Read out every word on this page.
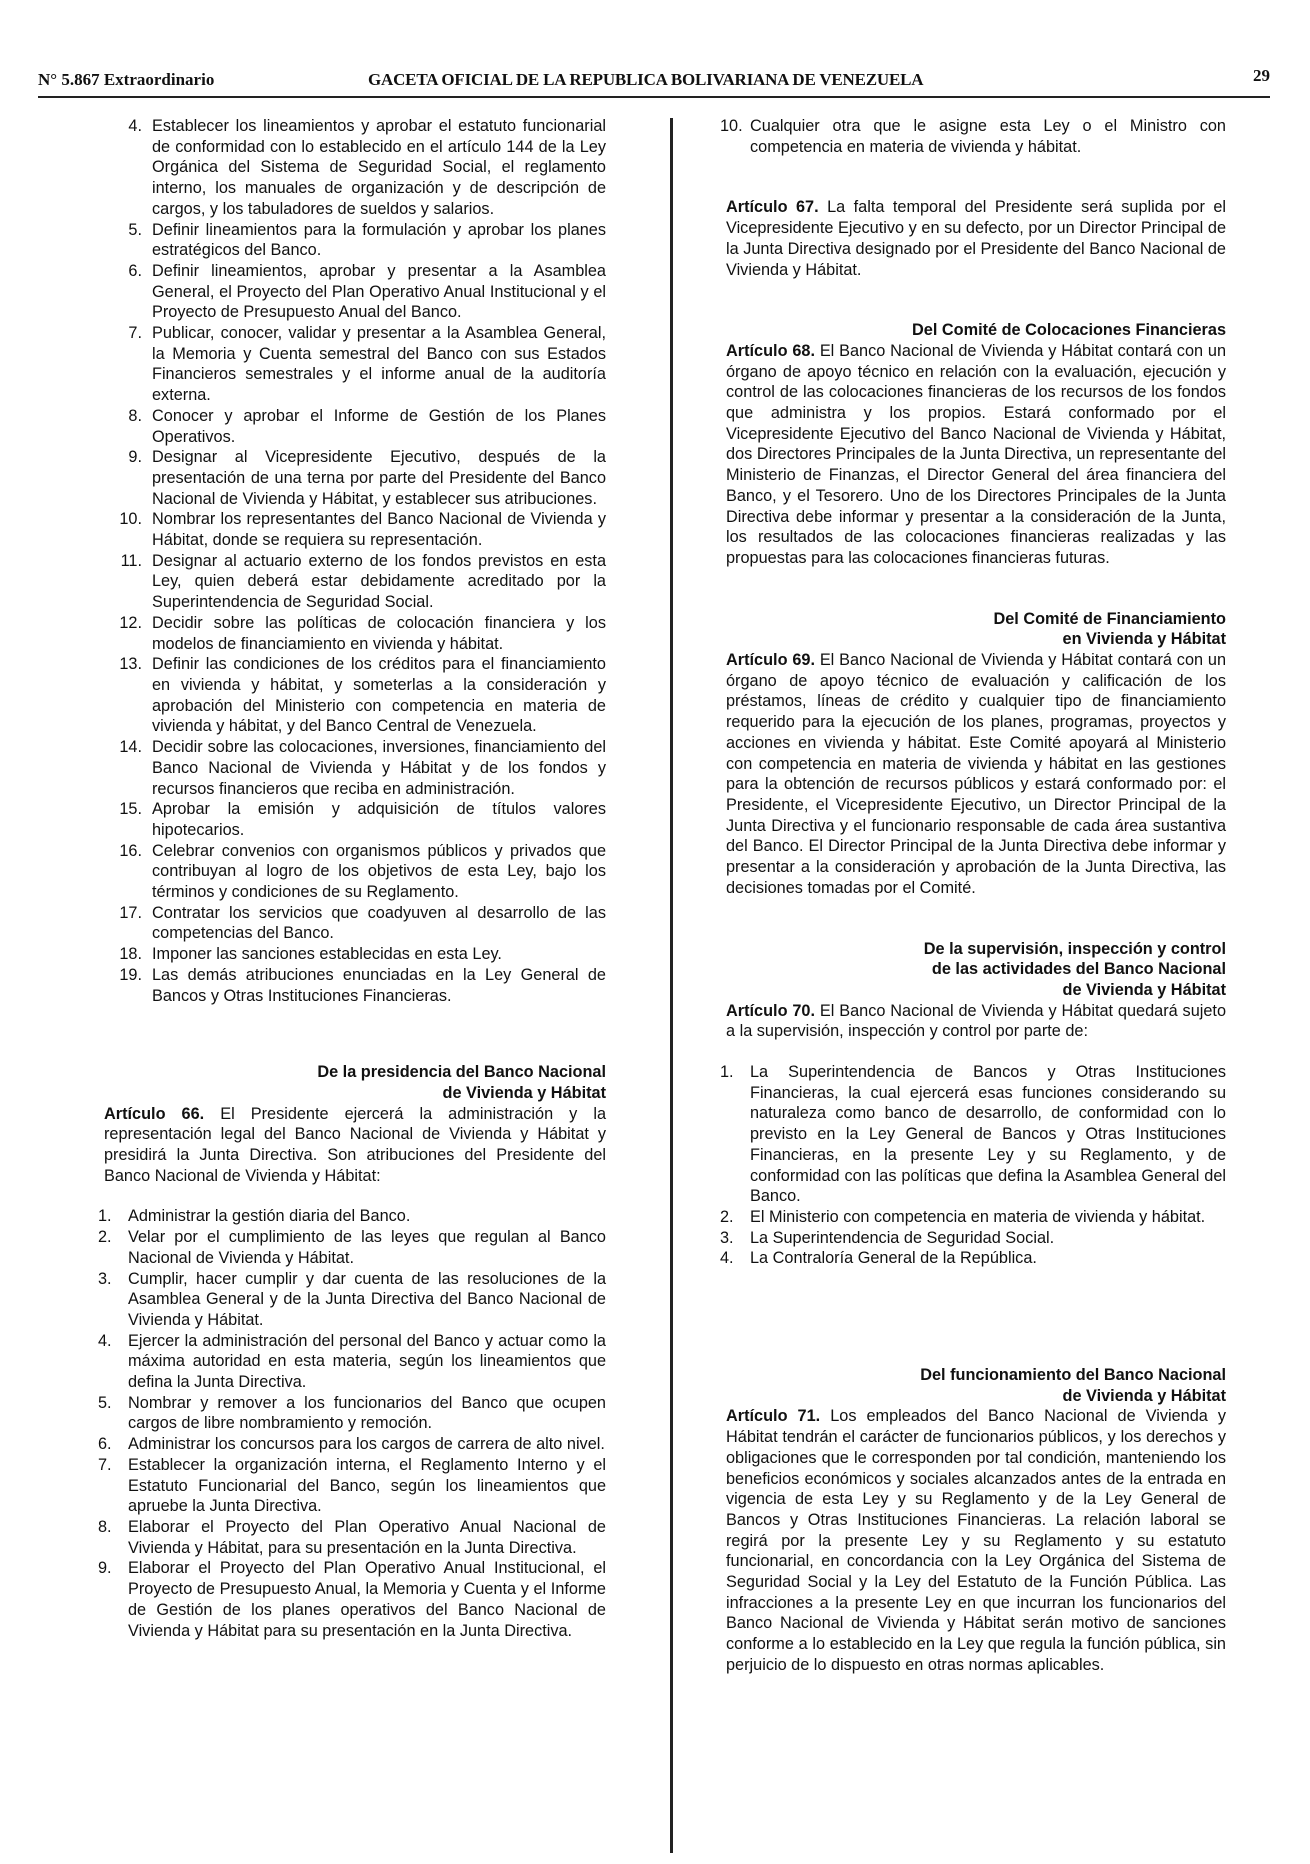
N° 5.867 Extraordinario	GACETA OFICIAL DE LA REPUBLICA BOLIVARIANA DE VENEZUELA	29
4. Establecer los lineamientos y aprobar el estatuto funcionarial de conformidad con lo establecido en el artículo 144 de la Ley Orgánica del Sistema de Seguridad Social, el reglamento interno, los manuales de organización y de descripción de cargos, y los tabuladores de sueldos y salarios.
5. Definir lineamientos para la formulación y aprobar los planes estratégicos del Banco.
6. Definir lineamientos, aprobar y presentar a la Asamblea General, el Proyecto del Plan Operativo Anual Institucional y el Proyecto de Presupuesto Anual del Banco.
7. Publicar, conocer, validar y presentar a la Asamblea General, la Memoria y Cuenta semestral del Banco con sus Estados Financieros semestrales y el informe anual de la auditoría externa.
8. Conocer y aprobar el Informe de Gestión de los Planes Operativos.
9. Designar al Vicepresidente Ejecutivo, después de la presentación de una terna por parte del Presidente del Banco Nacional de Vivienda y Hábitat, y establecer sus atribuciones.
10. Nombrar los representantes del Banco Nacional de Vivienda y Hábitat, donde se requiera su representación.
11. Designar al actuario externo de los fondos previstos en esta Ley, quien deberá estar debidamente acreditado por la Superintendencia de Seguridad Social.
12. Decidir sobre las políticas de colocación financiera y los modelos de financiamiento en vivienda y hábitat.
13. Definir las condiciones de los créditos para el financiamiento en vivienda y hábitat, y someterlas a la consideración y aprobación del Ministerio con competencia en materia de vivienda y hábitat, y del Banco Central de Venezuela.
14. Decidir sobre las colocaciones, inversiones, financiamiento del Banco Nacional de Vivienda y Hábitat y de los fondos y recursos financieros que reciba en administración.
15. Aprobar la emisión y adquisición de títulos valores hipotecarios.
16. Celebrar convenios con organismos públicos y privados que contribuyan al logro de los objetivos de esta Ley, bajo los términos y condiciones de su Reglamento.
17. Contratar los servicios que coadyuven al desarrollo de las competencias del Banco.
18. Imponer las sanciones establecidas en esta Ley.
19. Las demás atribuciones enunciadas en la Ley General de Bancos y Otras Instituciones Financieras.

De la presidencia del Banco Nacional
de Vivienda y Hábitat

Artículo 66. El Presidente ejercerá la administración y la representación legal del Banco Nacional de Vivienda y Hábitat y presidirá la Junta Directiva. Son atribuciones del Presidente del Banco Nacional de Vivienda y Hábitat:

1.	Administrar la gestión diaria del Banco.
2.	Velar por el cumplimiento de las leyes que regulan al Banco Nacional de Vivienda y Hábitat.
3.	Cumplir, hacer cumplir y dar cuenta de las resoluciones de la Asamblea General y de la Junta Directiva del Banco Nacional de Vivienda y Hábitat.
4.	Ejercer la administración del personal del Banco y actuar como la máxima autoridad en esta materia, según los lineamientos que defina la Junta Directiva.
5.	Nombrar y remover a los funcionarios del Banco que ocupen cargos de libre nombramiento y remoción.
6.	Administrar los concursos para los cargos de carrera de alto nivel.
7.	Establecer la organización interna, el Reglamento Interno y el Estatuto Funcionarial del Banco, según los lineamientos que apruebe la Junta Directiva.
8.	Elaborar el Proyecto del Plan Operativo Anual Nacional de Vivienda y Hábitat, para su presentación en la Junta Directiva.
9.	Elaborar el Proyecto del Plan Operativo Anual Institucional, el Proyecto de Presupuesto Anual, la Memoria y Cuenta y el Informe de Gestión de los planes operativos del Banco Nacional de Vivienda y Hábitat para su presentación en la Junta Directiva.
10. Cualquier otra que le asigne esta Ley o el Ministro con competencia en materia de vivienda y hábitat.

Artículo 67. La falta temporal del Presidente será suplida por el Vicepresidente Ejecutivo y en su defecto, por un Director Principal de la Junta Directiva designado por el Presidente del Banco Nacional de Vivienda y Hábitat.

Del Comité de Colocaciones Financieras

Artículo 68. El Banco Nacional de Vivienda y Hábitat contará con un órgano de apoyo técnico en relación con la evaluación, ejecución y control de las colocaciones financieras de los recursos de los fondos que administra y los propios. Estará conformado por el Vicepresidente Ejecutivo del Banco Nacional de Vivienda y Hábitat, dos Directores Principales de la Junta Directiva, un representante del Ministerio de Finanzas, el Director General del área financiera del Banco, y el Tesorero. Uno de los Directores Principales de la Junta Directiva debe informar y presentar a la consideración de la Junta, los resultados de las colocaciones financieras realizadas y las propuestas para las colocaciones financieras futuras.

Del Comité de Financiamiento
en Vivienda y Hábitat

Artículo 69. El Banco Nacional de Vivienda y Hábitat contará con un órgano de apoyo técnico de evaluación y calificación de los préstamos, líneas de crédito y cualquier tipo de financiamiento requerido para la ejecución de los planes, programas, proyectos y acciones en vivienda y hábitat. Este Comité apoyará al Ministerio con competencia en materia de vivienda y hábitat en las gestiones para la obtención de recursos públicos y estará conformado por: el Presidente, el Vicepresidente Ejecutivo, un Director Principal de la Junta Directiva y el funcionario responsable de cada área sustantiva del Banco. El Director Principal de la Junta Directiva debe informar y presentar a la consideración y aprobación de la Junta Directiva, las decisiones tomadas por el Comité.

De la supervisión, inspección y control
de las actividades del Banco Nacional
de Vivienda y Hábitat

Artículo 70. El Banco Nacional de Vivienda y Hábitat quedará sujeto a la supervisión, inspección y control por parte de:

1.	La Superintendencia de Bancos y Otras Instituciones Financieras, la cual ejercerá esas funciones considerando su naturaleza como banco de desarrollo, de conformidad con lo previsto en la Ley General de Bancos y Otras Instituciones Financieras, en la presente Ley y su Reglamento, y de conformidad con las políticas que defina la Asamblea General del Banco.
2.	El Ministerio con competencia en materia de vivienda y hábitat.
3.	La Superintendencia de Seguridad Social.
4.	La Contraloría General de la República.

Del funcionamiento del Banco Nacional
de Vivienda y Hábitat

Artículo 71. Los empleados del Banco Nacional de Vivienda y Hábitat tendrán el carácter de funcionarios públicos, y los derechos y obligaciones que le corresponden por tal condición, manteniendo los beneficios económicos y sociales alcanzados antes de la entrada en vigencia de esta Ley y su Reglamento y de la Ley General de Bancos y Otras Instituciones Financieras. La relación laboral se regirá por la presente Ley y su Reglamento y su estatuto funcionarial, en concordancia con la Ley Orgánica del Sistema de Seguridad Social y la Ley del Estatuto de la Función Pública. Las infracciones a la presente Ley en que incurran los funcionarios del Banco Nacional de Vivienda y Hábitat serán motivo de sanciones conforme a lo establecido en la Ley que regula la función pública, sin perjuicio de lo dispuesto en otras normas aplicables.
